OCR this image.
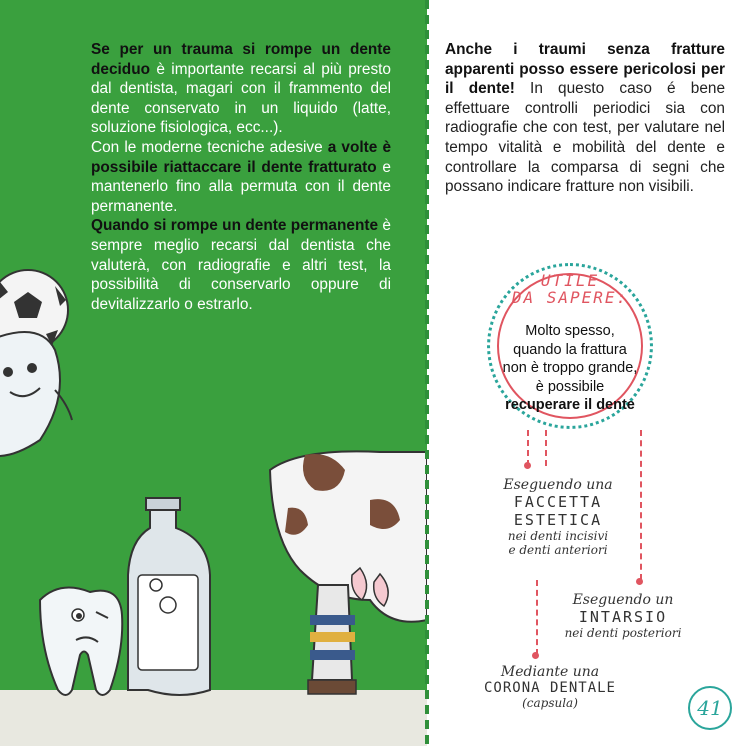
Se per un trauma si rompe un dente deciduo è importante recarsi al più presto dal dentista, magari con il frammento del dente conservato in un liquido (latte, soluzione fisiologica, ecc...).

Con le moderne tecniche adesive a volte è possibile riattaccare il dente fratturato e mantenerlo fino alla permuta con il dente permanente.

Quando si rompe un dente permanente è sempre meglio recarsi dal dentista che valuterà, con radiografie e altri test, la possibilità di conservarlo oppure di devitalizzarlo o estrarlo.

Anche i traumi senza fratture apparenti posso essere pericolosi per il dente! In questo caso é bene effettuare controlli periodici sia con radiografie che con test, per valutare nel tempo vitalità e mobilità del dente e controllare la comparsa di segni che possano indicare fratture non visibili.
UTILE
DA SAPERE:
Molto spesso, quando la frattura non è troppo grande, è possibile recuperare il dente
Eseguendo una
FACCETTA
ESTETICA
nei denti incisivi
e denti anteriori
Eseguendo un
INTARSIO
nei denti posteriori
Mediante una
CORONA DENTALE
(capsula)	41
